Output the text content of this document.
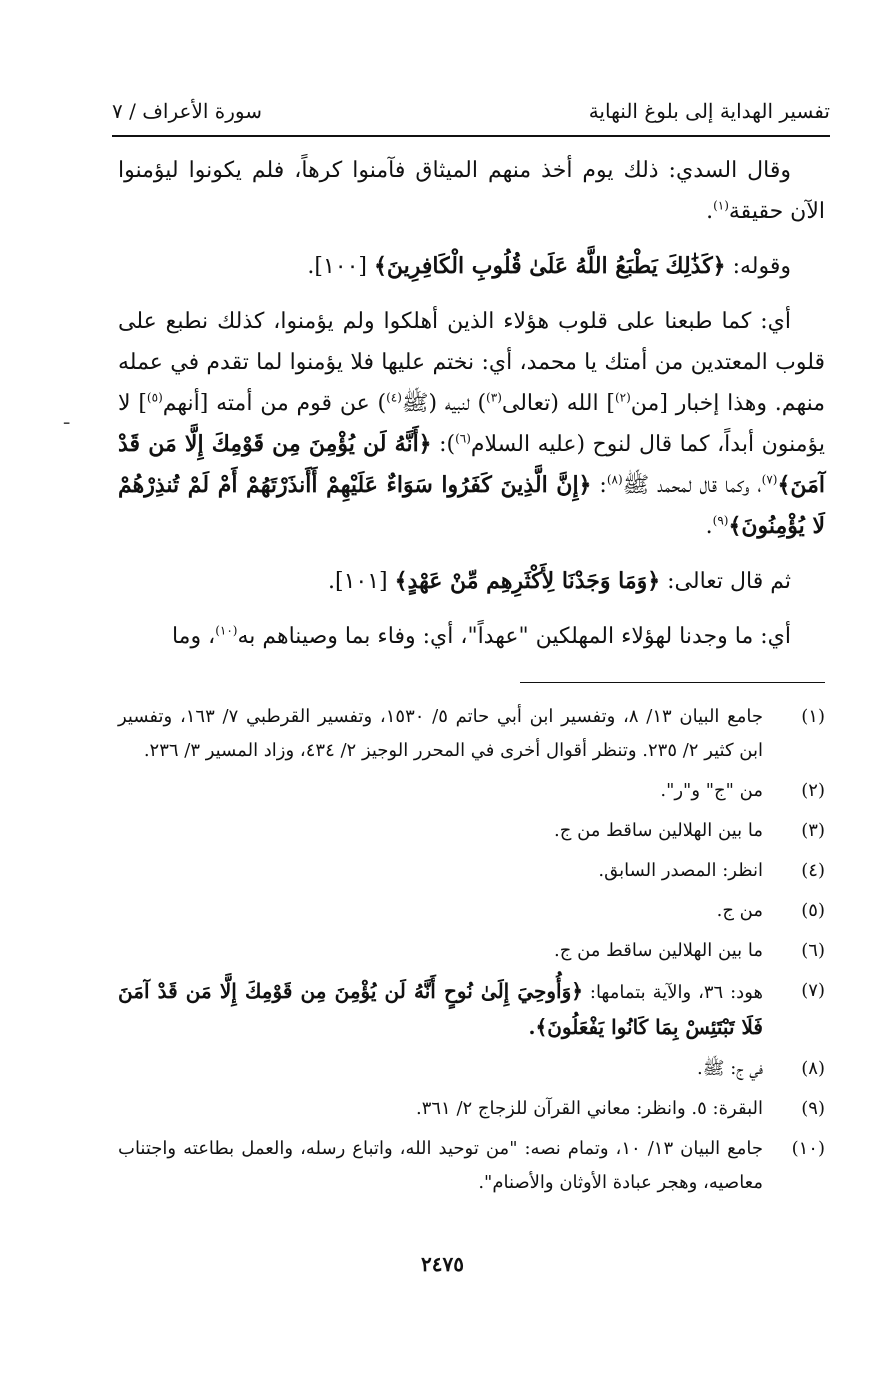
تفسير الهداية إلى بلوغ النهاية
سورة الأعراف / ٧
ـ

وقال السدي: ذلك يوم أخذ منهم الميثاق فآمنوا كرهاً، فلم يكونوا ليؤمنوا الآن حقيقة$^{(١)}$.

وقوله: ﴿كَذَٰلِكَ يَطْبَعُ اللَّهُ عَلَىٰ قُلُوبِ الْكَافِرِينَ﴾ [١٠٠].

أي: كما طبعنا على قلوب هؤلاء الذين أهلكوا ولم يؤمنوا، كذلك نطبع على قلوب المعتدين من أمتك يا محمد، أي: نختم عليها فلا يؤمنوا لما تقدم في عمله منهم. وهذا إخبار [من$^{(٢)}$] الله (تعالى$^{(٣)}$) لنبيه (ﷺ$^{(٤)}$) عن قوم من أمته [أنهم$^{(٥)}$] لا يؤمنون أبداً، كما قال لنوح (عليه السلام$^{(٦)}$): ﴿أَنَّهُ لَن يُؤْمِنَ مِن قَوْمِكَ إِلَّا مَن قَدْ آمَنَ﴾$^{(٧)}$، وكما قال لمحمد ﷺ$^{(٨)}$: ﴿إِنَّ الَّذِينَ كَفَرُوا سَوَاءٌ عَلَيْهِمْ أَأَنذَرْتَهُمْ أَمْ لَمْ تُنذِرْهُمْ لَا يُؤْمِنُونَ﴾$^{(٩)}$.

ثم قال تعالى: ﴿وَمَا وَجَدْنَا لِأَكْثَرِهِم مِّنْ عَهْدٍ﴾ [١٠١].

أي: ما وجدنا لهؤلاء المهلكين "عهداً"، أي: وفاء بما وصيناهم به$^{(١٠)}$، وما

(١)
جامع البيان ١٣/ ٨، وتفسير ابن أبي حاتم ٥/ ١٥٣٠، وتفسير القرطبي ٧/ ١٦٣، وتفسير ابن كثير ٢/ ٢٣٥. وتنظر أقوال أخرى في المحرر الوجيز ٢/ ٤٣٤، وزاد المسير ٣/ ٢٣٦.
(٢)
من "ج" و"ر".
(٣)
ما بين الهلالين ساقط من ج.
(٤)
انظر: المصدر السابق.
(٥)
من ج.
(٦)
ما بين الهلالين ساقط من ج.
(٧)
هود: ٣٦، والآية بتمامها: ﴿وَأُوحِيَ إِلَىٰ نُوحٍ أَنَّهُ لَن يُؤْمِنَ مِن قَوْمِكَ إِلَّا مَن قَدْ آمَنَ فَلَا تَبْتَئِسْ بِمَا كَانُوا يَفْعَلُونَ﴾.
(٨)
في ج: ﷺ.
(٩)
البقرة: ٥. وانظر: معاني القرآن للزجاج ٢/ ٣٦١.
(١٠)
جامع البيان ١٣/ ١٠، وتمام نصه: "من توحيد الله، واتباع رسله، والعمل بطاعته واجتناب معاصيه، وهجر عبادة الأوثان والأصنام".
٢٤٧٥
